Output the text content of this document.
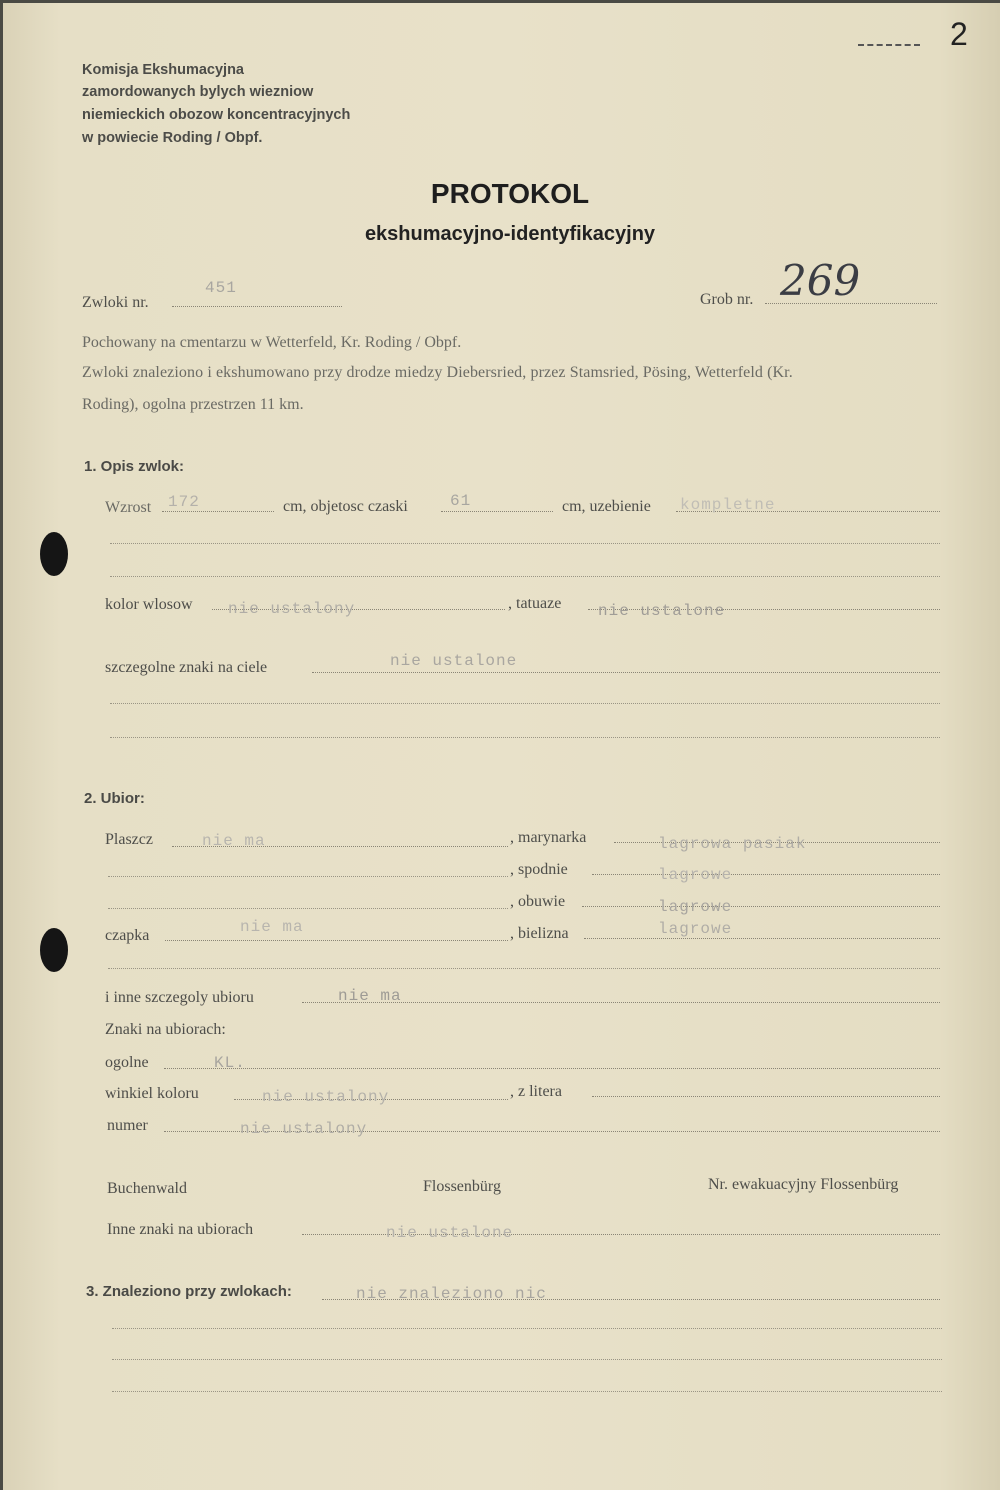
2
Komisja Ekshumacyjna
zamordowanych bylych wiezniow
niemieckich obozow koncentracyjnych
w powiecie Roding / Obpf.
PROTOKOL
ekshumacyjno-identyfikacyjny
Zwloki nr.
451
Grob nr. 269
Pochowany na cmentarzu w Wetterfeld, Kr. Roding / Obpf.
Zwloki znaleziono i ekshumowano przy drodze miedzy Diebersried, przez Stamsried, Pösing, Wetterfeld (Kr.
Roding), ogolna przestrzen 11 km.
1. Opis zwlok:
Wzrost 172	cm, objetosc czaski	61	cm, uzebienie kompletne
kolor wlosow nie ustalony	, tatuaze nie ustalone
szczegolne znaki na ciele	nie ustalone
2. Ubior:
Plaszcz	nie ma	, marynarka	lagrowa pasiak
, spodnie	lagrowe
, obuwie	lagrowe
czapka	nie ma	, bielizna	lagrowe
i inne szczegoly ubioru	nie ma
Znaki na ubiorach:
ogolne	KL.
winkiel koloru	nie ustalony	, z litera
numer	nie ustalony
Buchenwald	Flossenbürg	Nr. ewakuacyjny Flossenbürg
Inne znaki na ubiorach	nie ustalone
3. Znaleziono przy zwlokach:	nie znaleziono nic
